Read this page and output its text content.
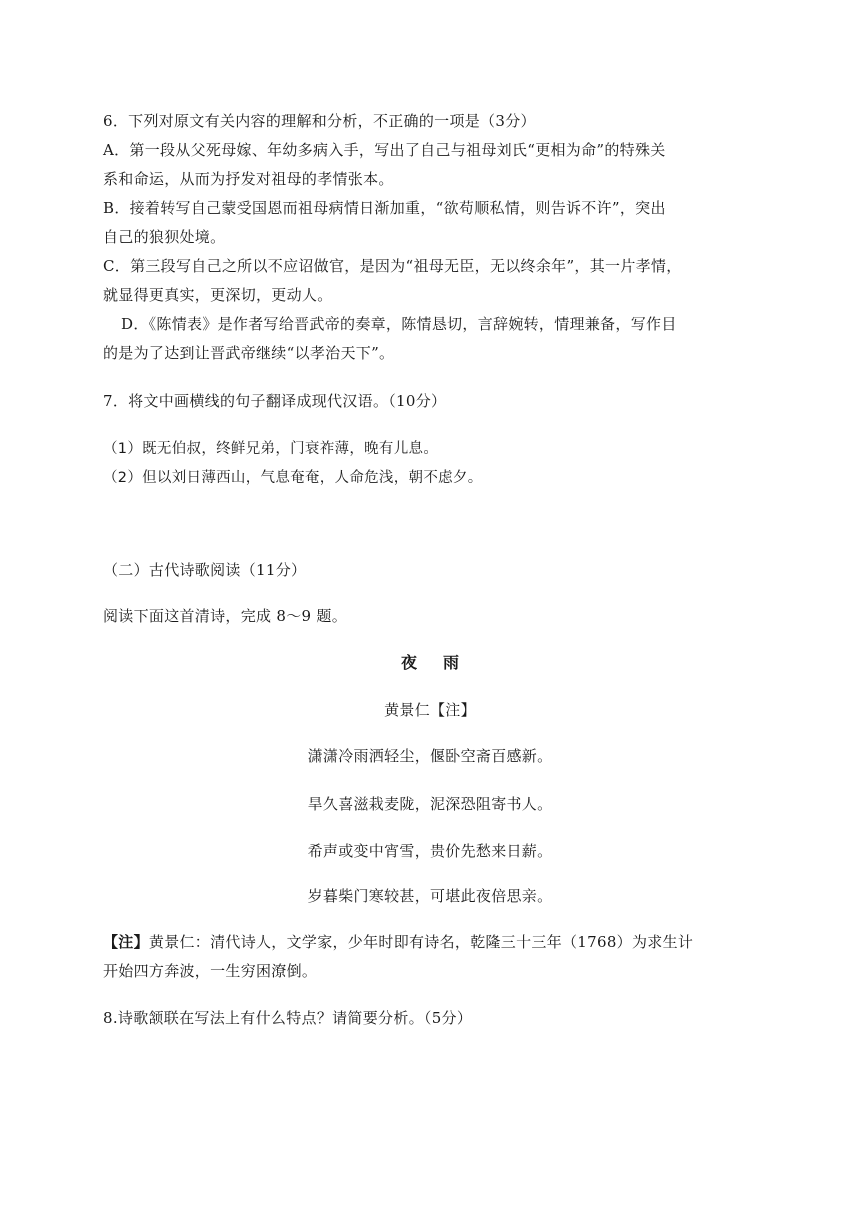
6．下列对原文有关内容的理解和分析，不正确的一项是（3分）
A．第一段从父死母嫁、年幼多病入手，写出了自己与祖母刘氏“更相为命”的特殊关
系和命运，从而为抒发对祖母的孝情张本。
B．接着转写自己蒙受国恩而祖母病情日渐加重，“欲苟顺私情，则告诉不许”，突出
自己的狼狈处境。
C．第三段写自己之所以不应诏做官，是因为“祖母无臣，无以终余年”，其一片孝情，
就显得更真实，更深切，更动人。
D．《陈情表》是作者写给晋武帝的奏章，陈情恳切，言辞婉转，情理兼备，写作目
的是为了达到让晋武帝继续“以孝治天下”。
7．将文中画横线的句子翻译成现代汉语。（10分）
（1）既无伯叔，终鲜兄弟，门衰祚薄，晚有儿息。
（2）但以刘日薄西山，气息奄奄，人命危浅，朝不虑夕。
（二）古代诗歌阅读（11分）
阅读下面这首清诗，完成 8～9 题。
夜 雨
黄景仁【注】
潇潇冷雨洒轻尘，偃卧空斋百感新。
旱久喜滋栽麦陇，泥深恐阻寄书人。
希声或变中宵雪，贵价先愁来日薪。
岁暮柴门寒较甚，可堪此夜倍思亲。
【注】黄景仁：清代诗人，文学家，少年时即有诗名，乾隆三十三年（1768）为求生计
开始四方奔波，一生穷困潦倒。
8.诗歌颔联在写法上有什么特点？请简要分析。（5分）
